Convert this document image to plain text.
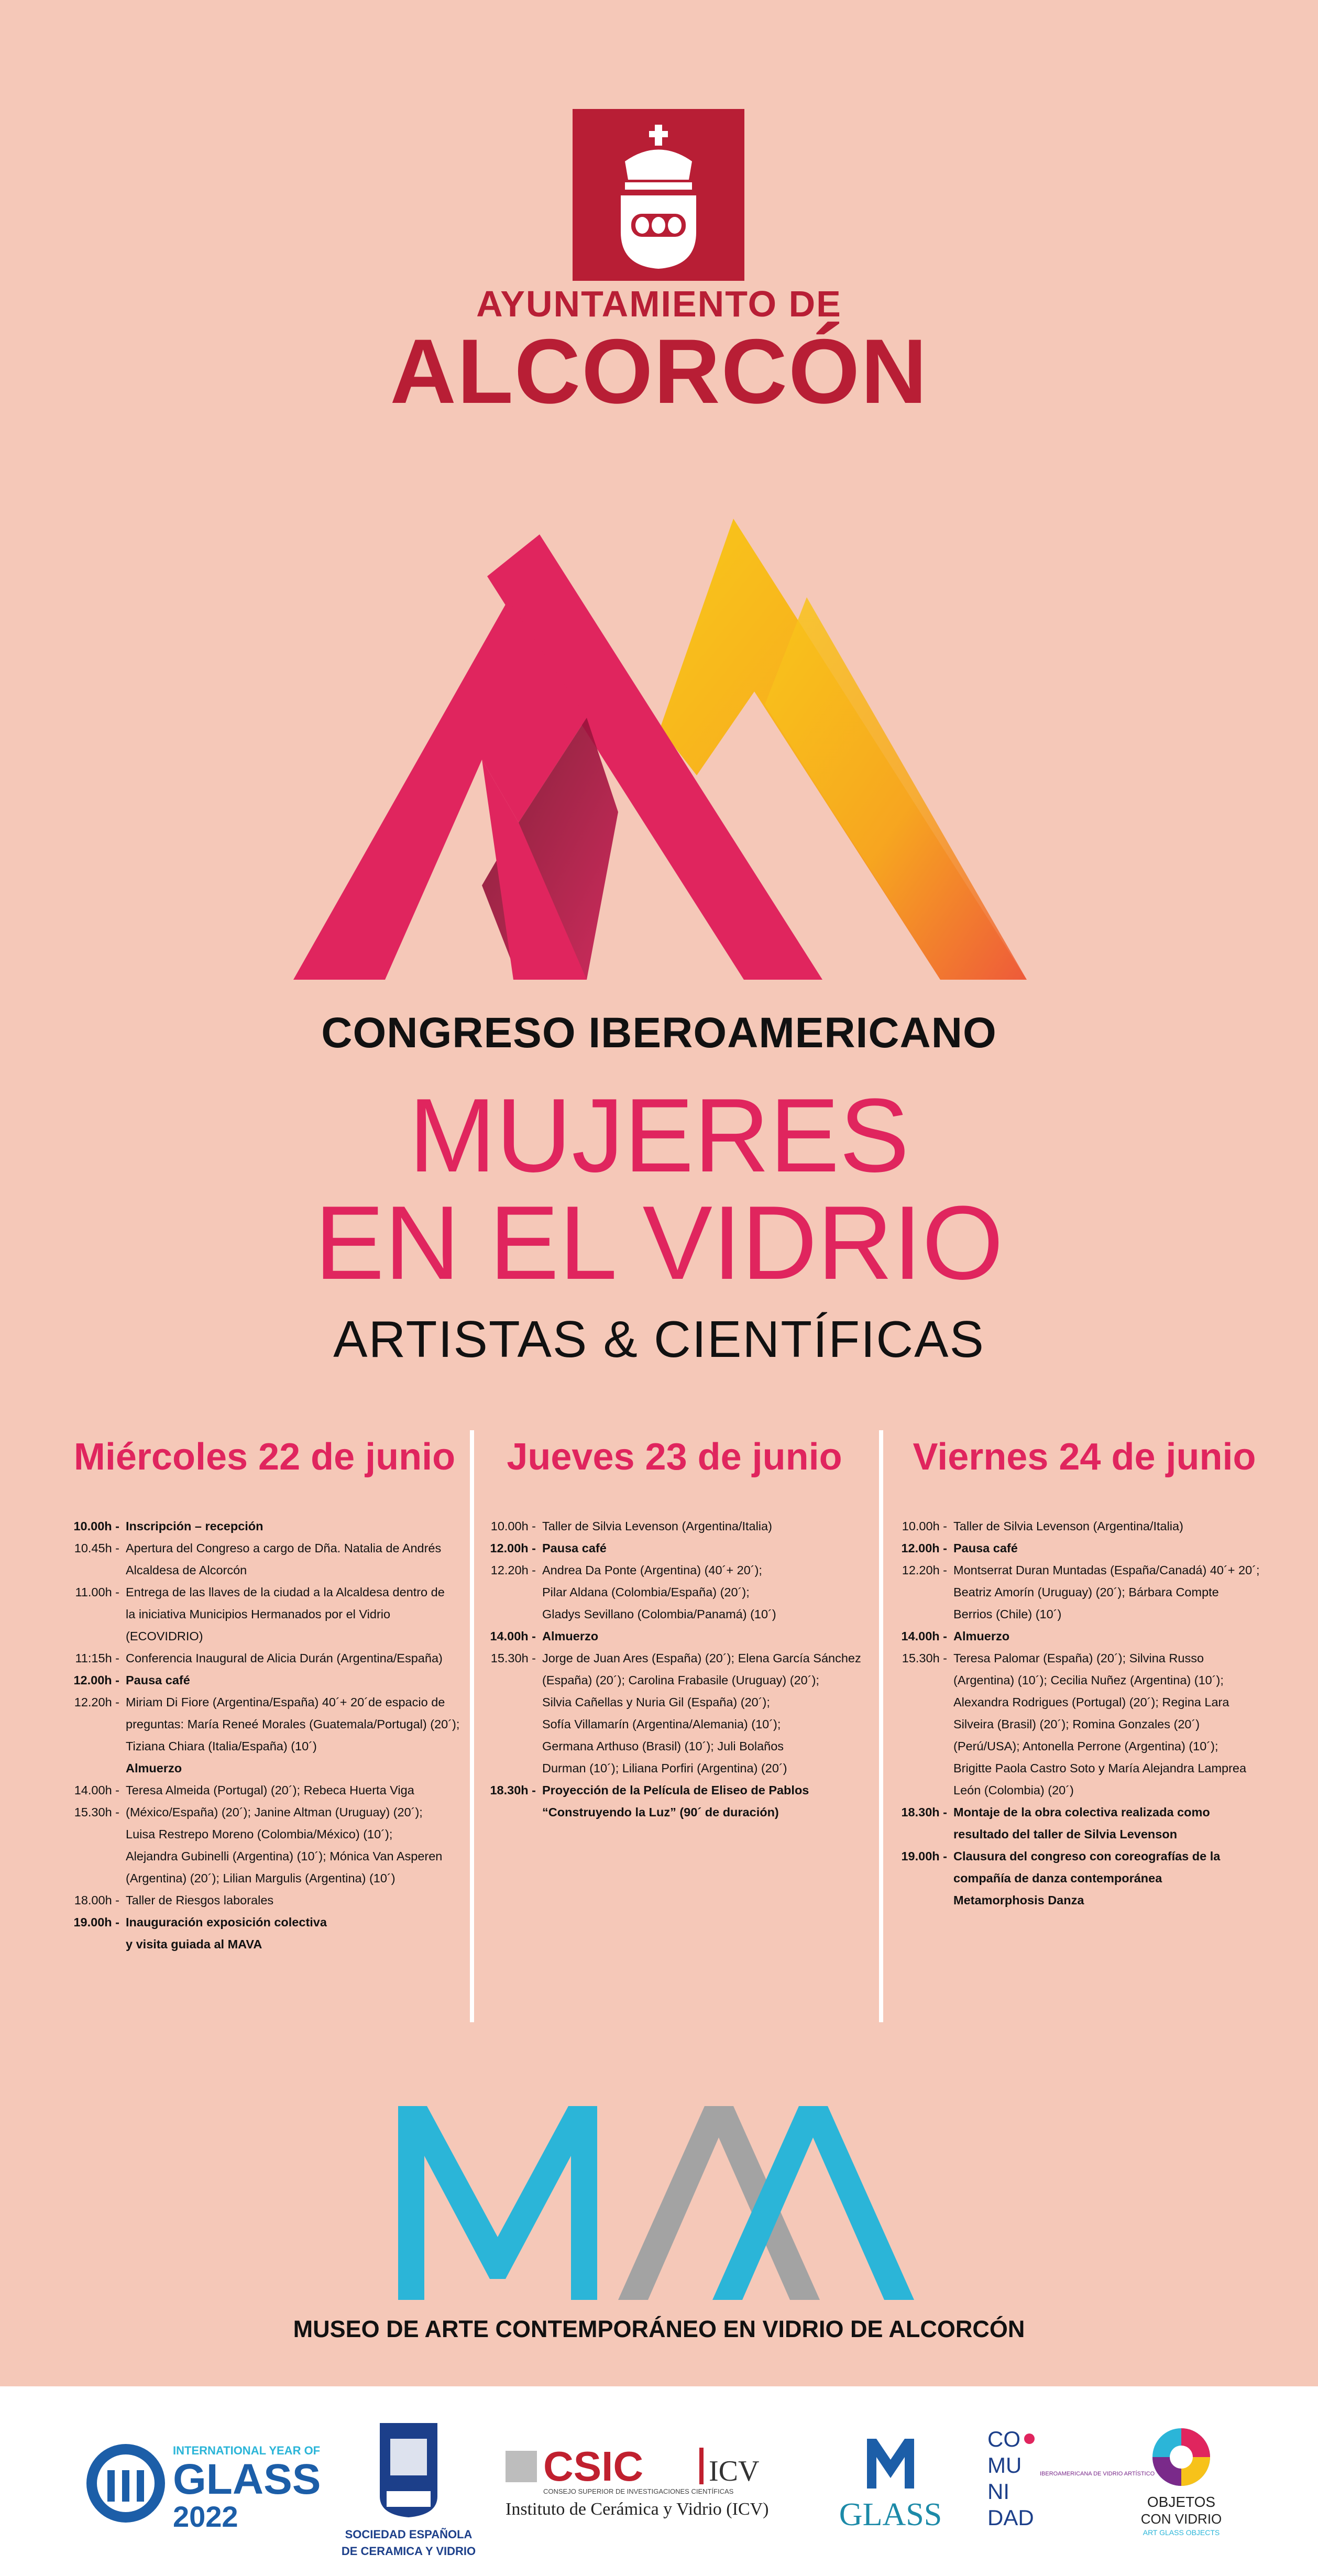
AYUNTAMIENTO DE
ALCORCÓN
CONGRESO IBEROAMERICANO
MUJERES
EN EL VIDRIO
ARTISTAS & CIENTÍFICAS
Miércoles 22 de junio
10.00h - Inscripción – recepción
10.45h - Apertura del Congreso a cargo de Dña. Natalia de Andrés
Alcaldesa de Alcorcón
11.00h - Entrega de las llaves de la ciudad a la Alcaldesa dentro de
la iniciativa Municipios Hermanados por el Vidrio
(ECOVIDRIO)
11:15h - Conferencia Inaugural de Alicia Durán (Argentina/España)
12.00h - Pausa café
12.20h - Miriam Di Fiore (Argentina/España) 40´+ 20´de espacio de
preguntas: María Reneé Morales (Guatemala/Portugal) (20´);
Tiziana Chiara (Italia/España) (10´)
Almuerzo
14.00h - Teresa Almeida (Portugal) (20´); Rebeca Huerta Viga
15.30h - (México/España) (20´); Janine Altman (Uruguay) (20´);
Luisa Restrepo Moreno (Colombia/México) (10´);
Alejandra Gubinelli (Argentina) (10´); Mónica Van Asperen
(Argentina) (20´); Lilian Margulis (Argentina) (10´)
18.00h - Taller de Riesgos laborales
19.00h - Inauguración exposición colectiva
y visita guiada al MAVA
Jueves 23 de junio
10.00h - Taller de Silvia Levenson (Argentina/Italia)
12.00h - Pausa café
12.20h - Andrea Da Ponte (Argentina) (40´+ 20´);
Pilar Aldana (Colombia/España) (20´);
Gladys Sevillano (Colombia/Panamá) (10´)
14.00h - Almuerzo
15.30h - Jorge de Juan Ares (España) (20´); Elena García Sánchez
(España) (20´); Carolina Frabasile (Uruguay) (20´);
Silvia Cañellas y Nuria Gil (España) (20´);
Sofía Villamarín (Argentina/Alemania) (10´);
Germana Arthuso (Brasil) (10´); Juli Bolaños
Durman (10´); Liliana Porfiri (Argentina) (20´)
18.30h - Proyección de la Película de Eliseo de Pablos
“Construyendo la Luz” (90´ de duración)
Viernes 24 de junio
10.00h - Taller de Silvia Levenson (Argentina/Italia)
12.00h - Pausa café
12.20h - Montserrat Duran Muntadas (España/Canadá) 40´+ 20´;
Beatriz Amorín (Uruguay) (20´); Bárbara Compte
Berrios (Chile) (10´)
14.00h - Almuerzo
15.30h - Teresa Palomar (España) (20´); Silvina Russo
(Argentina) (10´); Cecilia Nuñez (Argentina) (10´);
Alexandra Rodrigues (Portugal) (20´); Regina Lara
Silveira (Brasil) (20´); Romina Gonzales (20´)
(Perú/USA); Antonella Perrone (Argentina) (10´);
Brigitte Paola Castro Soto y María Alejandra Lamprea
León (Colombia) (20´)
18.30h - Montaje de la obra colectiva realizada como
resultado del taller de Silvia Levenson
19.00h - Clausura del congreso con coreografías de la
compañía de danza contemporánea
Metamorphosis Danza
MUSEO DE ARTE CONTEMPORÁNEO EN VIDRIO DE ALCORCÓN
INTERNATIONAL YEAR OF
GLASS
2022
SOCIEDAD ESPAÑOLA
DE CERAMICA Y VIDRIO
CSIC ICV
CONSEJO SUPERIOR DE INVESTIGACIONES CIENTÍFICAS
Instituto de Cerámica y Vidrio (ICV) GLASS
CO
MU
NI
DAD
IBEROAMERICANA DE VIDRIO ARTÍSTICO
OBJETOS
CON VIDRIO
ART GLASS OBJECTS
